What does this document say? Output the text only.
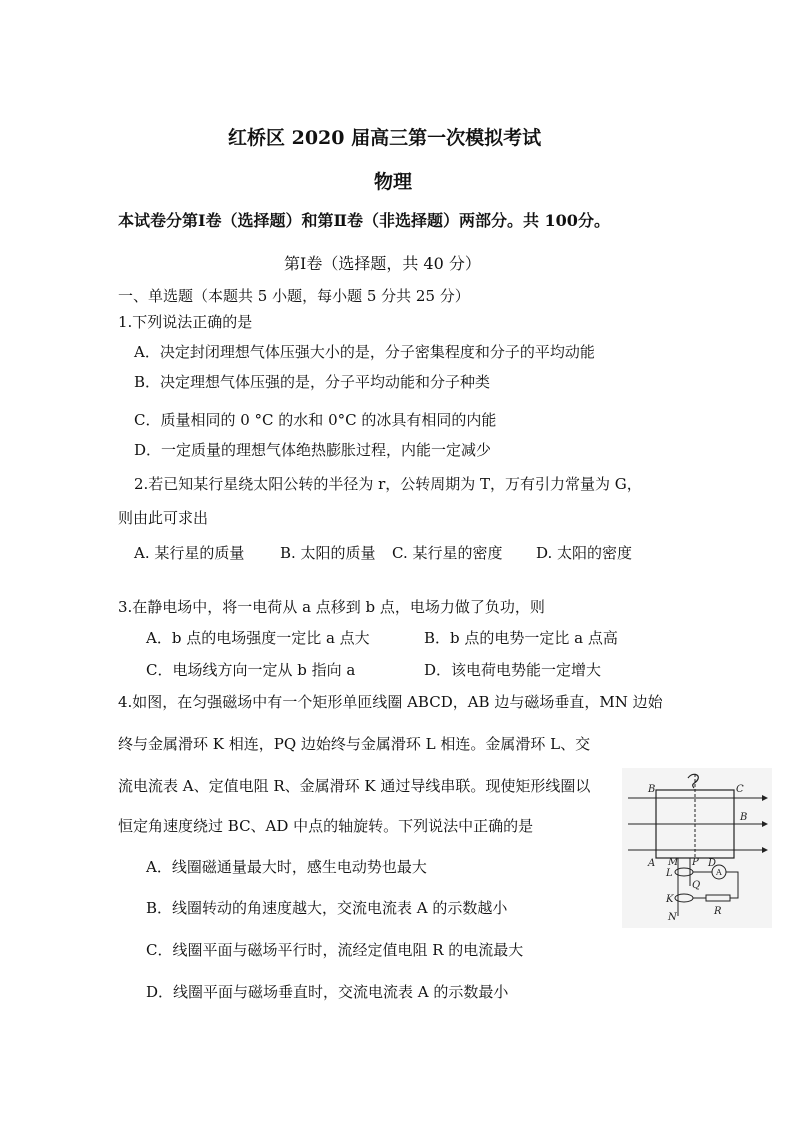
红桥区 2020 届高三第一次模拟考试
物理
本试卷分第Ⅰ卷（选择题）和第Ⅱ卷（非选择题）两部分。共 100分。
第Ⅰ卷（选择题，共 40 分）
一、单选题（本题共 5 小题，每小题 5 分共 25 分）
1.下列说法正确的是
A．决定封闭理想气体压强大小的是，分子密集程度和分子的平均动能
B．决定理想气体压强的是，分子平均动能和分子种类
C．质量相同的 0 °C 的水和 0°C 的冰具有相同的内能
D．一定质量的理想气体绝热膨胀过程，内能一定减少
2.若已知某行星绕太阳公转的半径为 r，公转周期为 T，万有引力常量为 G，
则由此可求出
A. 某行星的质量 B. 太阳的质量 C. 某行星的密度 D. 太阳的密度
3.在静电场中，将一电荷从 a 点移到 b 点，电场力做了负功，则
A．b 点的电场强度一定比 a 点大	B．b 点的电势一定比 a 点高
C．电场线方向一定从 b 指向 a	D．该电荷电势能一定增大
4.如图，在匀强磁场中有一个矩形单匝线圈 ABCD，AB 边与磁场垂直，MN 边始
终与金属滑环 K 相连，PQ 边始终与金属滑环 L 相连。金属滑环 L、交
流电流表 A、定值电阻 R、金属滑环 K 通过导线串联。现使矩形线圈以
恒定角速度绕过 BC、AD 中点的轴旋转。下列说法中正确的是
A．线圈磁通量最大时，感生电动势也最大
B．线圈转动的角速度越大，交流电流表 A 的示数越小
C．线圈平面与磁场平行时，流经定值电阻 R 的电流最大
D．线圈平面与磁场垂直时，交流电流表 A 的示数最小
B	C
B
A	D
M P
L
Q
A
K
N
R
